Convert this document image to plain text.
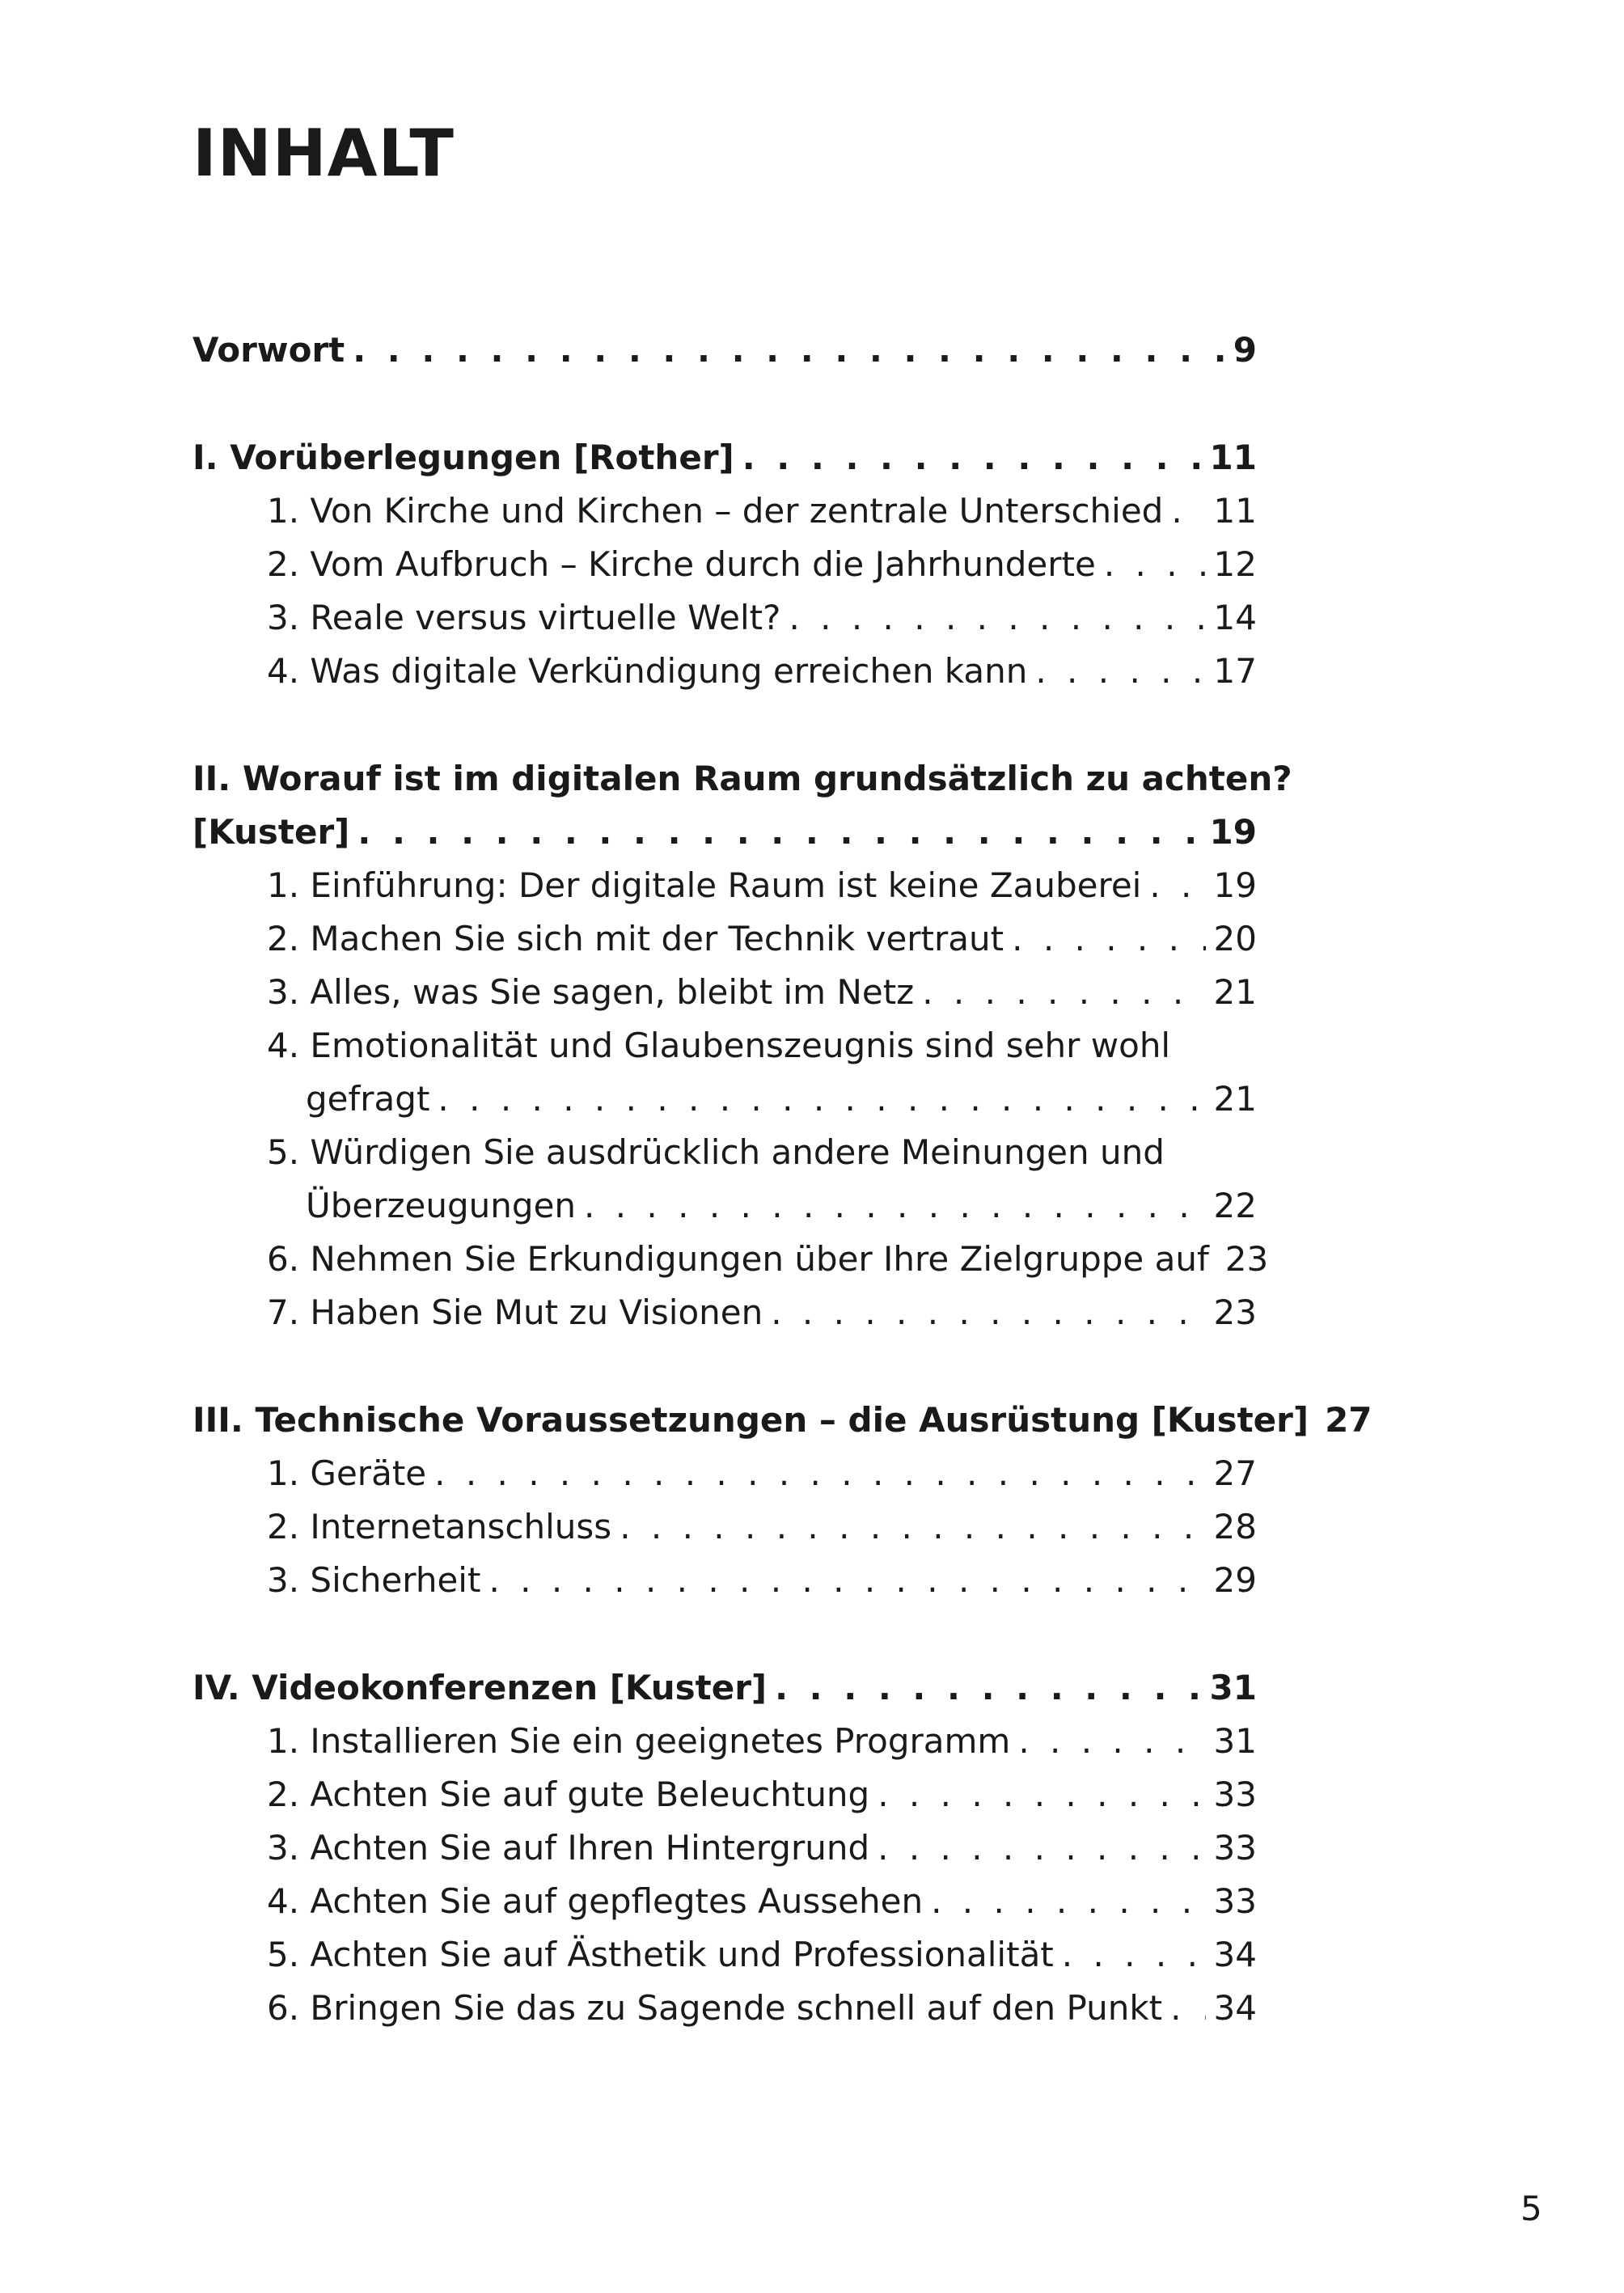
INHALT
Vorwort . . .	9
I. Vorüberlegungen [Rother] . . .	11
1. Von Kirche und Kirchen – der zentrale Unterschied . . . 11
2. Vom Aufbruch – Kirche durch die Jahrhunderte . . .	12
3. Reale versus virtuelle Welt? . . .	14
4. Was digitale Verkündigung erreichen kann . . .	17
II. Worauf ist im digitalen Raum grundsätzlich zu achten?
[Kuster] . . .	19
1. Einführung: Der digitale Raum ist keine Zauberei . . . 19
2. Machen Sie sich mit der Technik vertraut . . .	20
3. Alles, was Sie sagen, bleibt im Netz . . .	21
4. Emotionalität und Glaubenszeugnis sind sehr wohl
gefragt . . .	21
5. Würdigen Sie ausdrücklich andere Meinungen und
Überzeugungen . . .	22
6. Nehmen Sie Erkundigungen über Ihre Zielgruppe auf 23
7. Haben Sie Mut zu Visionen . . .	23
III. Technische Voraussetzungen – die Ausrüstung [Kuster] 27
1. Geräte . . .	27
2. Internetanschluss . . .	28
3. Sicherheit . . .	29
IV. Videokonferenzen [Kuster] . . .	31
1. Installieren Sie ein geeignetes Programm . . .	31
2. Achten Sie auf gute Beleuchtung . . .	33
3. Achten Sie auf Ihren Hintergrund . . .	33
4. Achten Sie auf gepflegtes Aussehen . . .	33
5. Achten Sie auf Ästhetik und Professionalität . . .	34
6. Bringen Sie das zu Sagende schnell auf den Punkt . . . 34
5
